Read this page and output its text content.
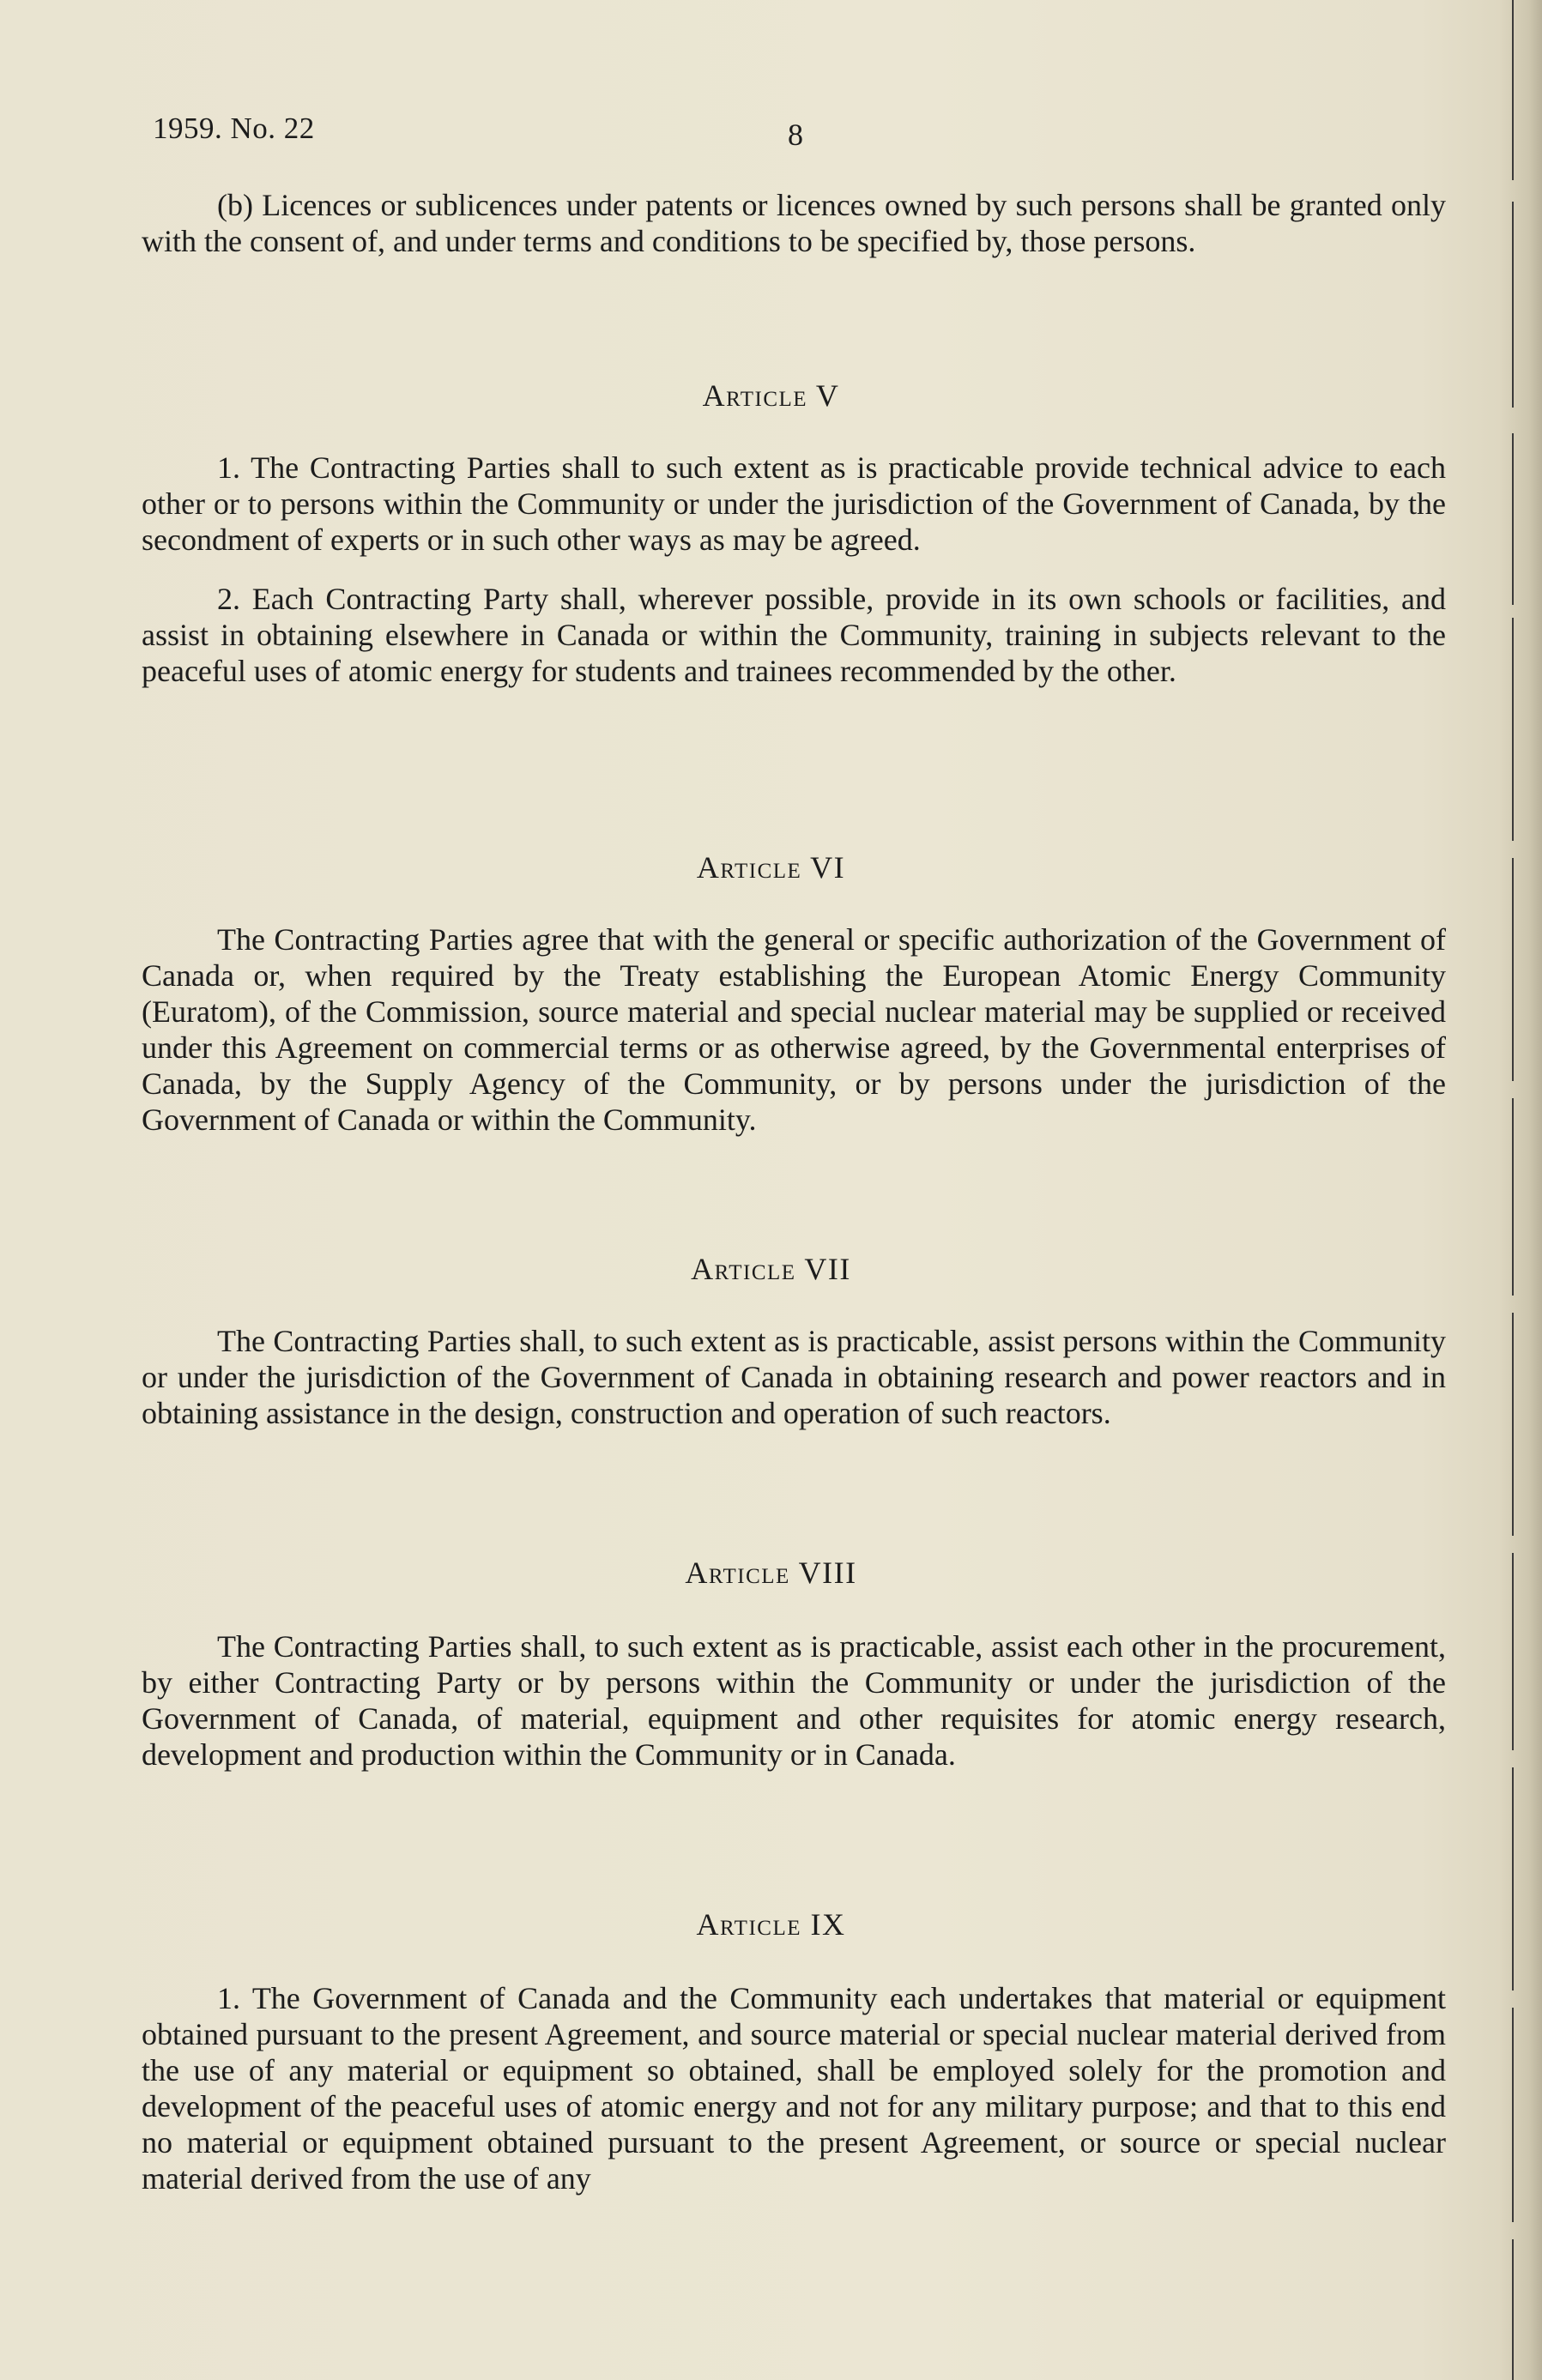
1959. No. 22	8

(b) Licences or sublicences under patents or licences owned by such persons shall be granted only with the consent of, and under terms and conditions to be specified by, those persons.

Article V

1. The Contracting Parties shall to such extent as is practicable provide technical advice to each other or to persons within the Community or under the jurisdiction of the Government of Canada, by the secondment of experts or in such other ways as may be agreed.

2. Each Contracting Party shall, wherever possible, provide in its own schools or facilities, and assist in obtaining elsewhere in Canada or within the Community, training in subjects relevant to the peaceful uses of atomic energy for students and trainees recommended by the other.

Article VI

The Contracting Parties agree that with the general or specific authorization of the Government of Canada or, when required by the Treaty establishing the European Atomic Energy Community (Euratom), of the Commission, source material and special nuclear material may be supplied or received under this Agreement on commercial terms or as otherwise agreed, by the Governmental enterprises of Canada, by the Supply Agency of the Community, or by persons under the jurisdiction of the Government of Canada or within the Community.

Article VII

The Contracting Parties shall, to such extent as is practicable, assist persons within the Community or under the jurisdiction of the Government of Canada in obtaining research and power reactors and in obtaining assistance in the design, construction and operation of such reactors.

Article VIII

The Contracting Parties shall, to such extent as is practicable, assist each other in the procurement, by either Contracting Party or by persons within the Community or under the jurisdiction of the Government of Canada, of material, equipment and other requisites for atomic energy research, development and production within the Community or in Canada.

Article IX

1. The Government of Canada and the Community each undertakes that material or equipment obtained pursuant to the present Agreement, and source material or special nuclear material derived from the use of any material or equipment so obtained, shall be employed solely for the promotion and development of the peaceful uses of atomic energy and not for any military purpose; and that to this end no material or equipment obtained pursuant to the present Agreement, or source or special nuclear material derived from the use of any
